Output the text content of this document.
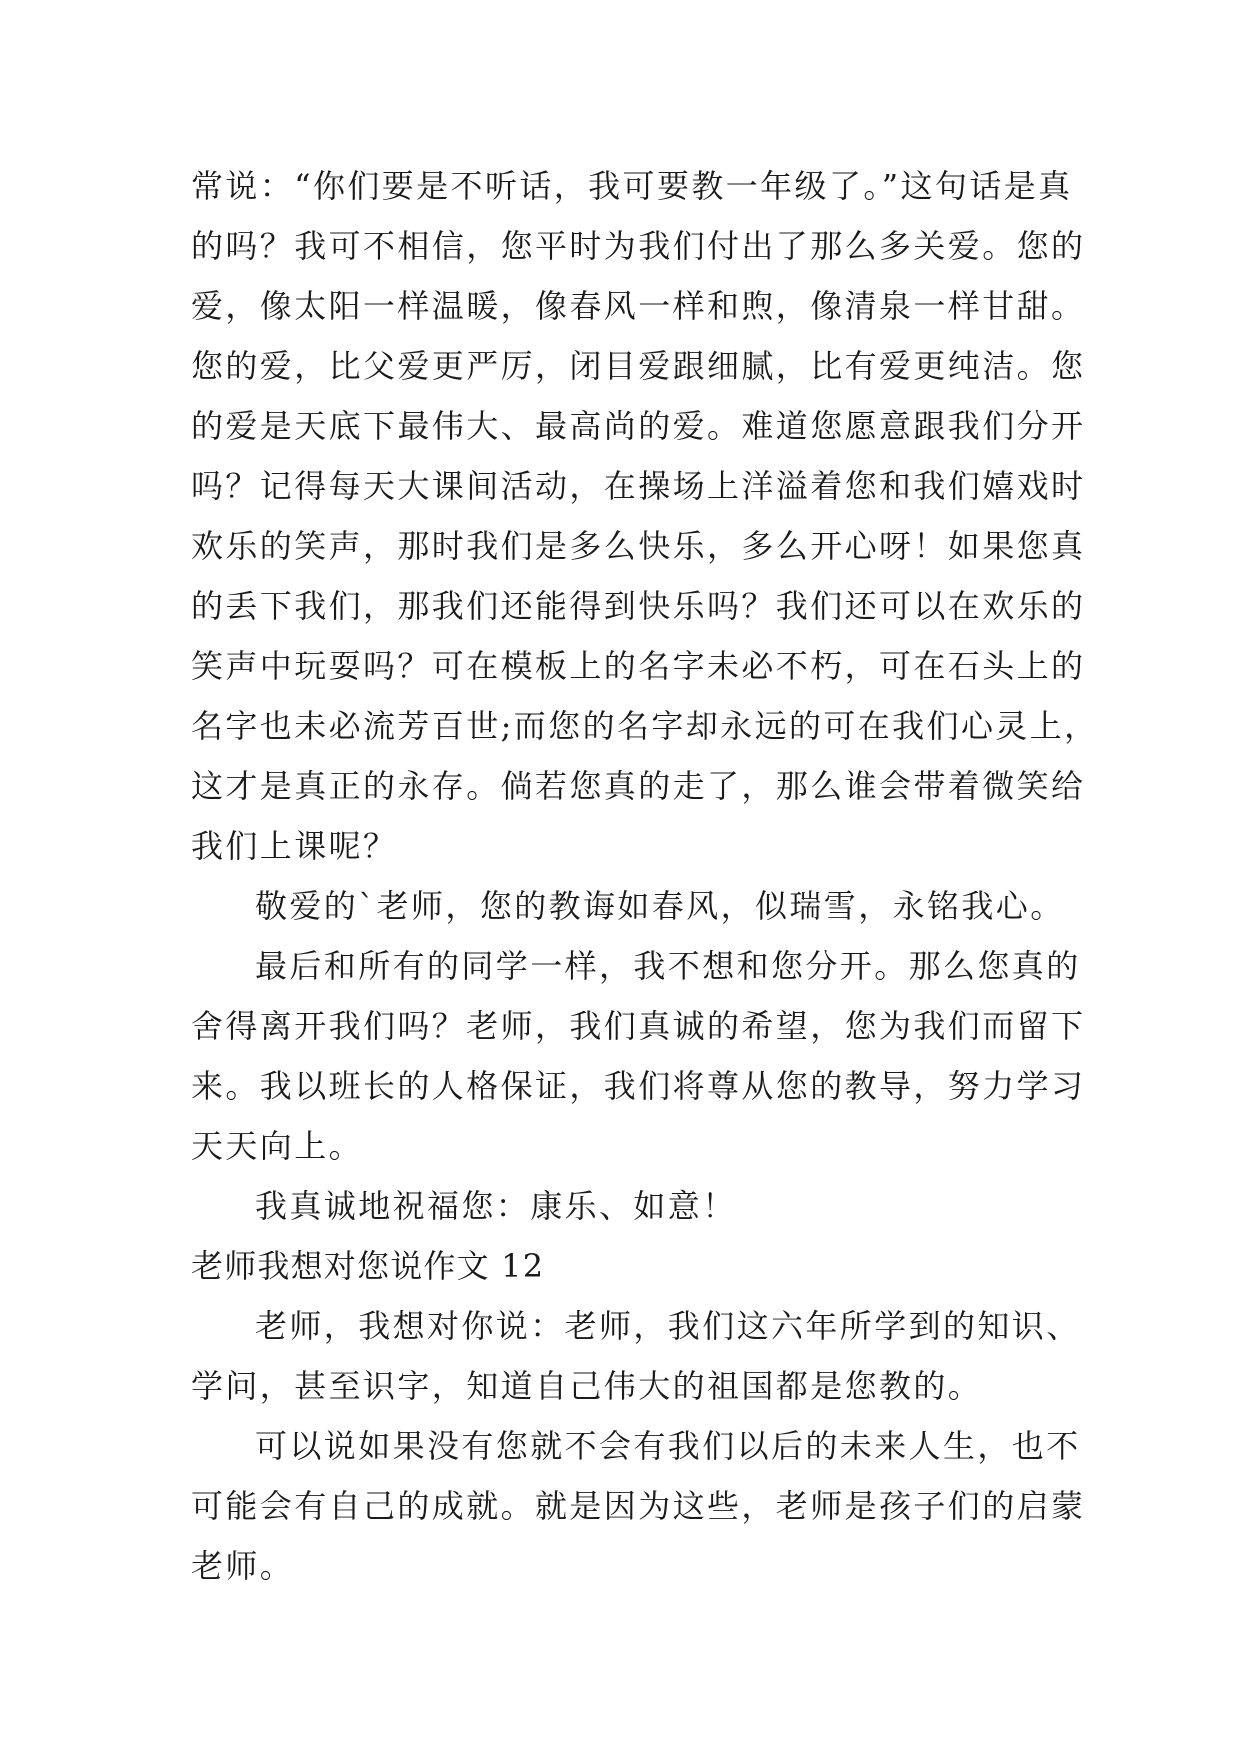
常说：“你们要是不听话，我可要教一年级了。”这句话是真
的吗？我可不相信，您平时为我们付出了那么多关爱。您的
爱，像太阳一样温暖，像春风一样和煦，像清泉一样甘甜。
您的爱，比父爱更严厉，闭目爱跟细腻，比有爱更纯洁。您
的爱是天底下最伟大、最高尚的爱。难道您愿意跟我们分开
吗？记得每天大课间活动，在操场上洋溢着您和我们嬉戏时
欢乐的笑声，那时我们是多么快乐，多么开心呀！如果您真
的丢下我们，那我们还能得到快乐吗？我们还可以在欢乐的
笑声中玩耍吗？可在模板上的名字未必不朽，可在石头上的
名字也未必流芳百世;而您的名字却永远的可在我们心灵上，
这才是真正的永存。倘若您真的走了，那么谁会带着微笑给
我们上课呢？
敬爱的`老师，您的教诲如春风，似瑞雪，永铭我心。
最后和所有的同学一样，我不想和您分开。那么您真的
舍得离开我们吗？老师，我们真诚的希望，您为我们而留下
来。我以班长的人格保证，我们将尊从您的教导，努力学习
天天向上。
我真诚地祝福您：康乐、如意！
老师我想对您说作文 12
老师，我想对你说：老师，我们这六年所学到的知识、
学问，甚至识字，知道自己伟大的祖国都是您教的。
可以说如果没有您就不会有我们以后的未来人生，也不
可能会有自己的成就。就是因为这些，老师是孩子们的启蒙
老师。
